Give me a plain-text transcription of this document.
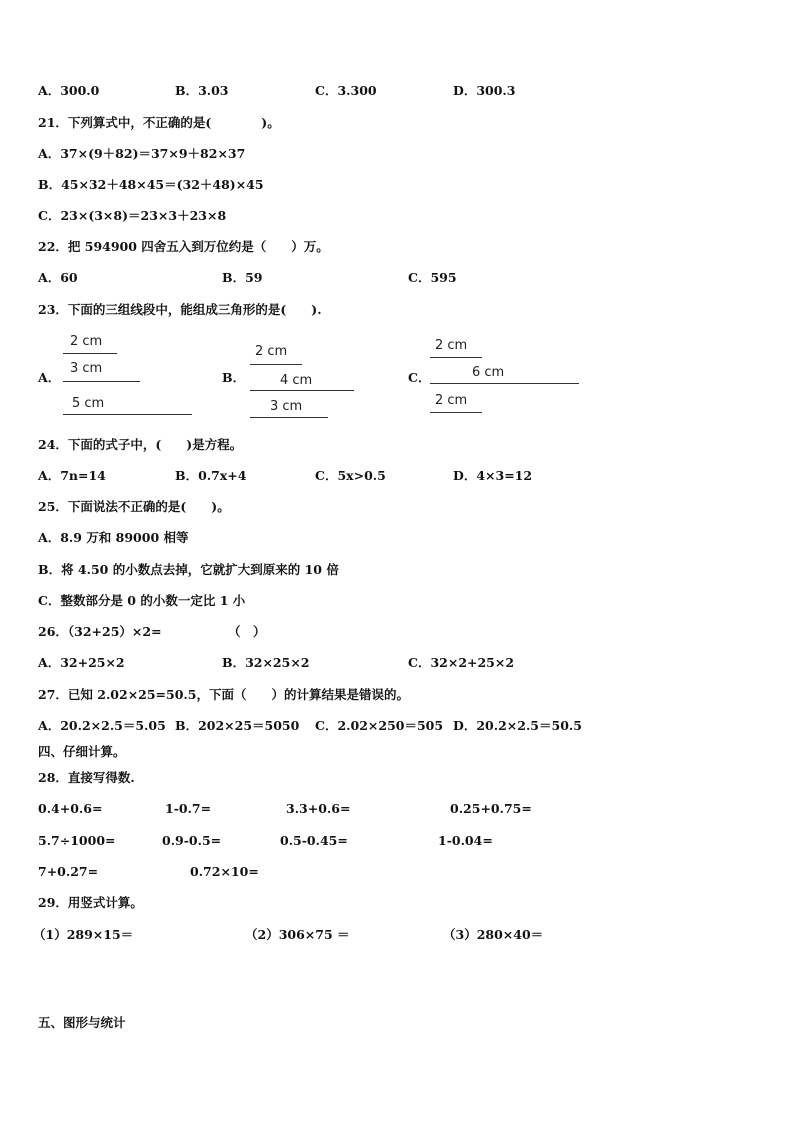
A．300.0	B．3.03	C．3.300	D．300.3
21．下列算式中，不正确的是(　　　　)。
A．37×(9＋82)＝37×9＋82×37
B．45×32＋48×45＝(32＋48)×45
C．23×(3×8)＝23×3＋23×8
22．把 594900 四舍五入到万位约是（　　）万。
A．60	B．59	C．595
23．下面的三组线段中，能组成三角形的是(　　).
A．
2 cm
3 cm
5 cm
B．
2 cm
4 cm
3 cm
C．
2 cm
6 cm
2 cm
24．下面的式子中，(　　)是方程。
A．7n=14	B．0.7x+4	C．5x>0.5	D．4×3=12
25．下面说法不正确的是(　　)。
A．8.9 万和 89000 相等
B．将 4.50 的小数点去掉，它就扩大到原来的 10 倍
C．整数部分是 0 的小数一定比 1 小
26．（32+25）×2=	（　）
A．32+25×2	B．32×25×2	C．32×2+25×2
27．已知 2.02×25=50.5，下面（　　）的计算结果是错误的。
A．20.2×2.5＝5.05 B．202×25＝5050 C．2.02×250＝505 D．20.2×2.5＝50.5
四、仔细计算。
28．直接写得数.
0.4+0.6=	1-0.7=	3.3+0.6=	0.25+0.75=
5.7÷1000=	0.9-0.5=	0.5-0.45=	1-0.04=
7+0.27=	0.72×10=
29．用竖式计算。
（1）289×15＝	（2）306×75 ＝	（3）280×40＝
五、图形与统计
